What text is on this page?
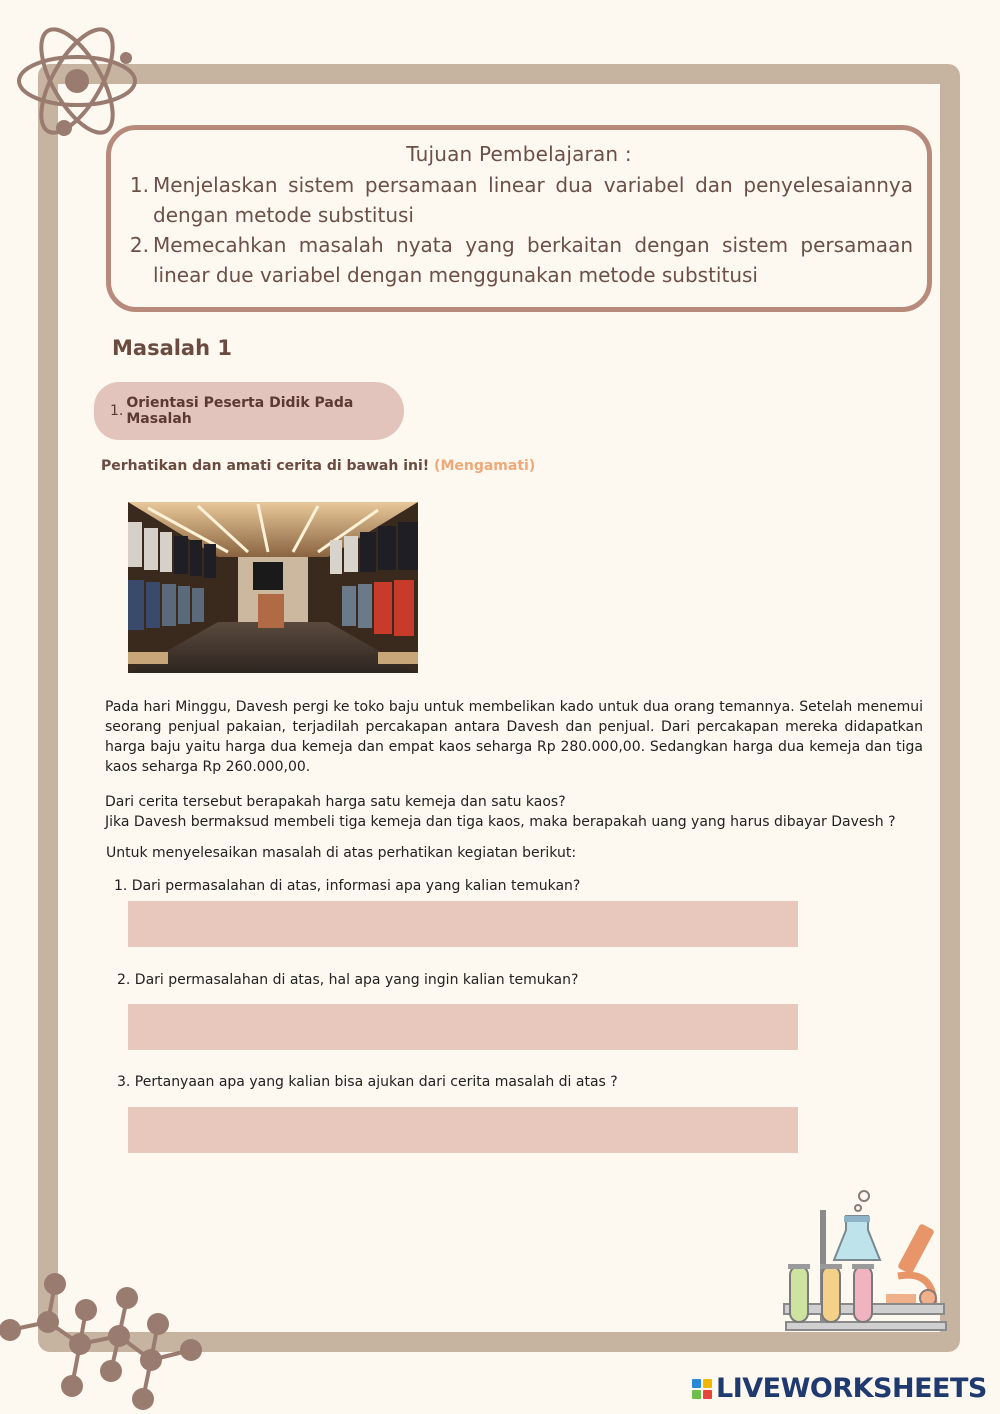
Tujuan Pembelajaran :
1. Menjelaskan sistem persamaan linear dua variabel dan penyelesaiannya dengan metode substitusi
2. Memecahkan masalah nyata yang berkaitan dengan sistem persamaan linear due variabel dengan menggunakan metode substitusi
Masalah 1
1. Orientasi Peserta Didik Pada Masalah
Perhatikan dan amati cerita di bawah ini! (Mengamati)
Pada hari Minggu, Davesh pergi ke toko baju untuk membelikan kado untuk dua orang temannya. Setelah menemui seorang penjual pakaian, terjadilah percakapan antara Davesh dan penjual. Dari percakapan mereka didapatkan harga baju yaitu harga dua kemeja dan empat kaos seharga Rp 280.000,00. Sedangkan harga dua kemeja dan tiga kaos seharga Rp 260.000,00.
Dari cerita tersebut berapakah harga satu kemeja dan satu kaos?
Jika Davesh bermaksud membeli tiga kemeja dan tiga kaos, maka berapakah uang yang harus dibayar Davesh ?
Untuk menyelesaikan masalah di atas perhatikan kegiatan berikut:
1. Dari permasalahan di atas, informasi apa yang kalian temukan?
2. Dari permasalahan di atas, hal apa yang ingin kalian temukan?
3. Pertanyaan apa yang kalian bisa ajukan dari cerita masalah di atas ?
LIVEWORKSHEETS
